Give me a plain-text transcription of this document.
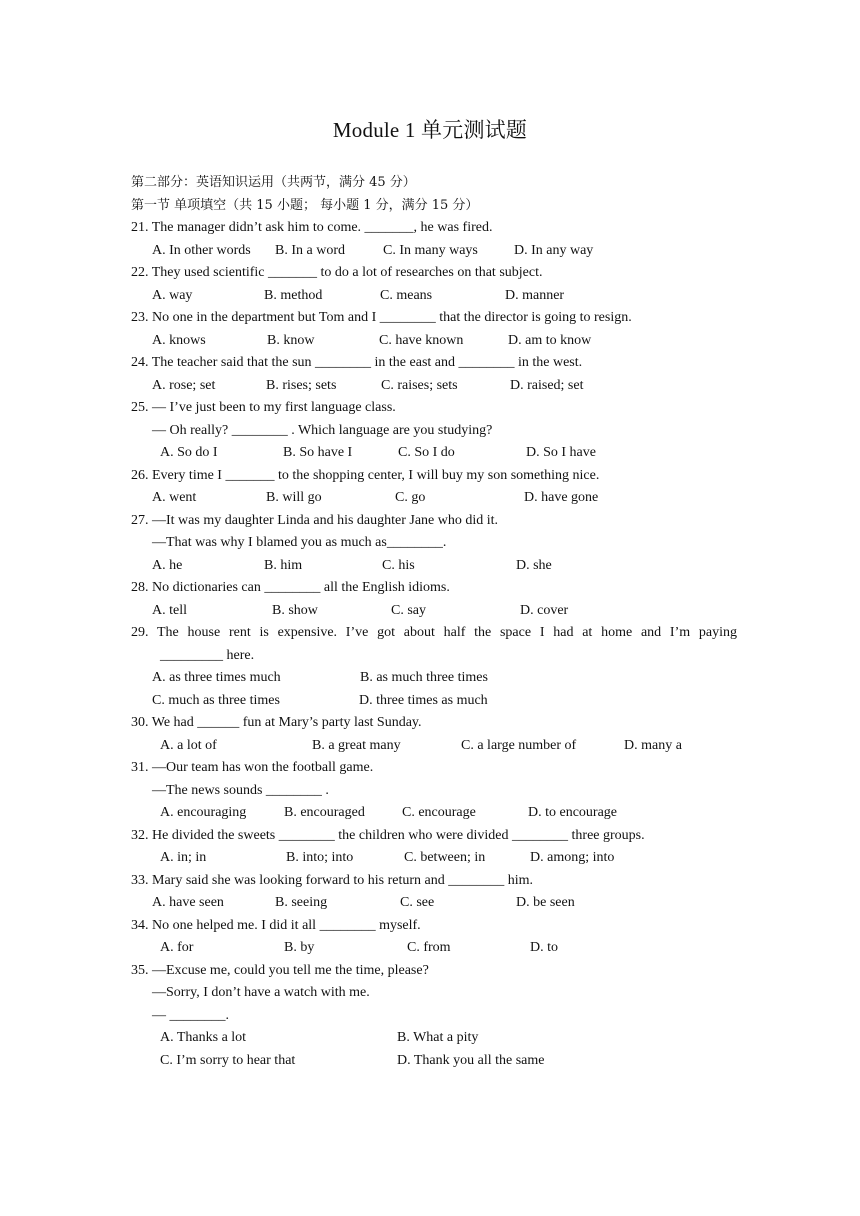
Module 1 单元测试题
第二部分：英语知识运用（共两节，满分 45 分）
第一节 单项填空（共 15 小题； 每小题 1 分，满分 15 分）
21. The manager didn’t ask him to come. _______, he was fired.
A. In other words B. In a word	C. In many ways	D. In any way
22. They used scientific _______ to do a lot of researches on that subject.
A. way	B. method	C. means	D. manner
23. No one in the department but Tom and I ________ that the director is going to resign.
A. knows	B. know	C. have known	D. am to know
24. The teacher said that the sun ________ in the east and ________ in the west.
A. rose; set	B. rises; sets	C. raises; sets	D. raised; set
25. — I’ve just been to my first language class.
— Oh really? ________ . Which language are you studying?
A. So do I	B. So have I	C. So I do	D. So I have
26. Every time I _______ to the shopping center, I will buy my son something nice.
A. went	B. will go	C. go	D. have gone
27. —It was my daughter Linda and his daughter Jane who did it.
—That was why I blamed you as much as________.
A. he	B. him	C. his	D. she
28. No dictionaries can ________ all the English idioms.
A. tell	B. show	C. say	D. cover
29. The house rent is expensive. I’ve got about half the space I had at home and I’m paying
_________ here.
A. as three times much	B. as much three times
C. much as three times	D. three times as much
30. We had ______ fun at Mary’s party last Sunday.
A. a lot of	B. a great many	C. a large number of	D. many a
31. —Our team has won the football game.
—The news sounds ________ .
A. encouraging	B. encouraged	C. encourage	D. to encourage
32. He divided the sweets ________ the children who were divided ________ three groups.
A. in; in	B. into; into	C. between; in	D. among; into
33. Mary said she was looking forward to his return and ________ him.
A. have seen	B. seeing	C. see	D. be seen
34. No one helped me. I did it all ________ myself.
A. for	B. by	C. from	D. to
35. —Excuse me, could you tell me the time, please?
—Sorry, I don’t have a watch with me.
— ________.
A. Thanks a lot	B. What a pity
C. I’m sorry to hear that	D. Thank you all the same
